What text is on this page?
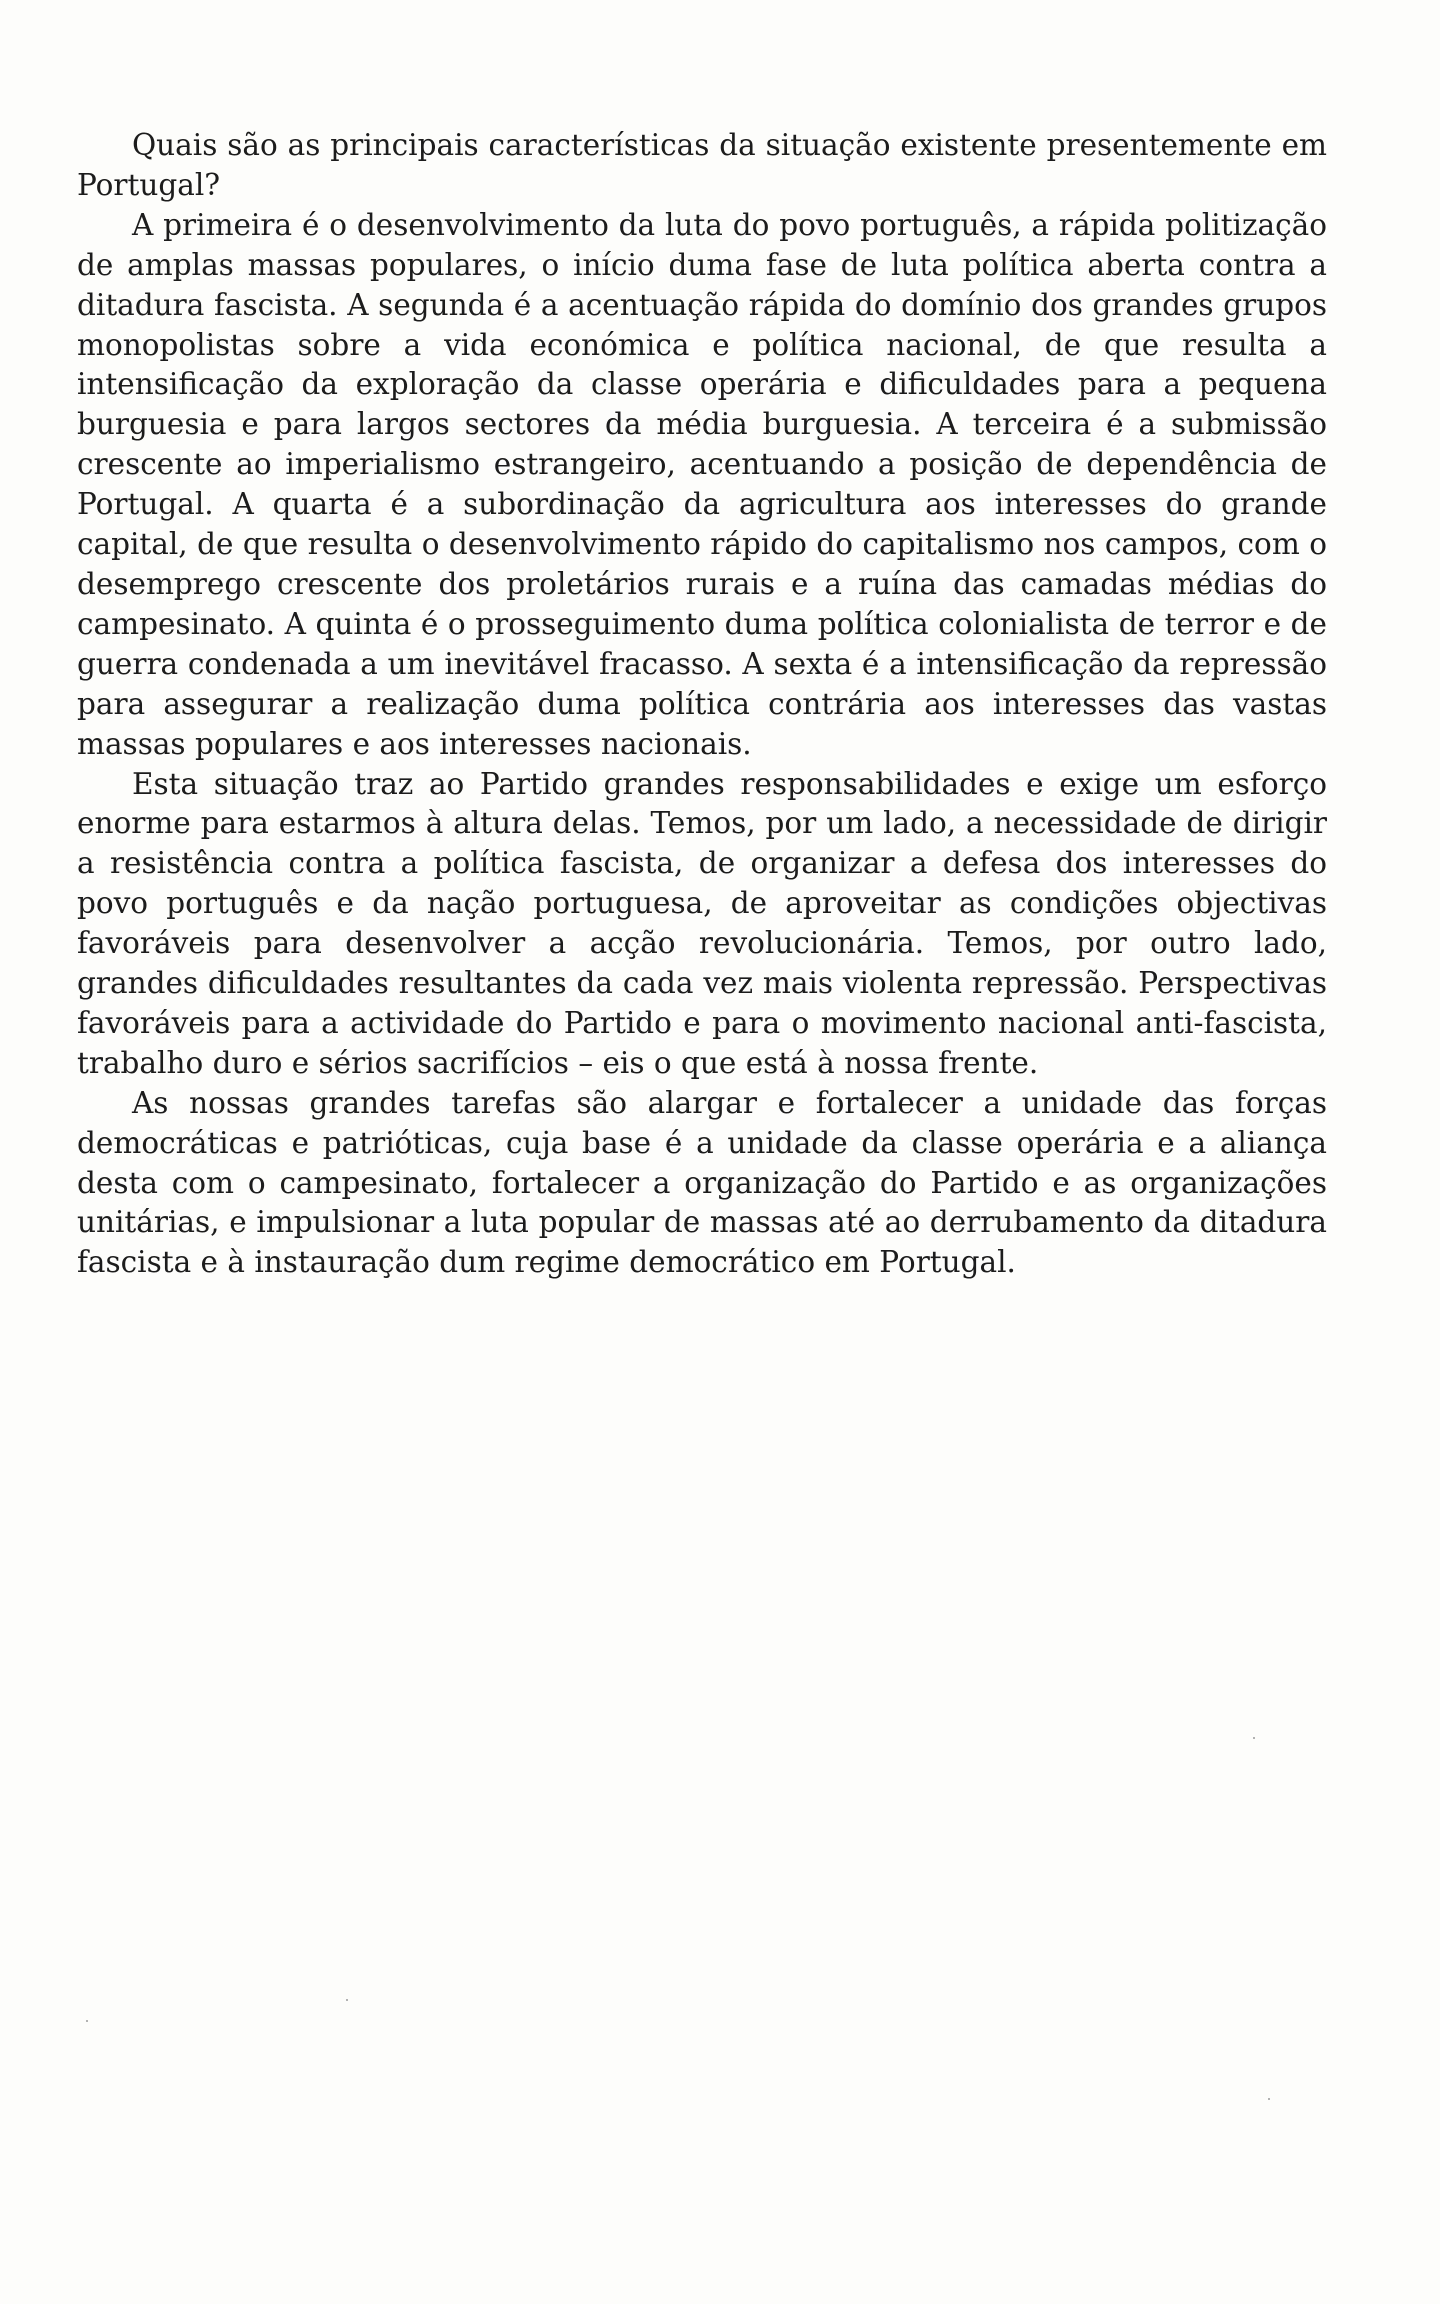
Quais são as principais características da situação existente presentemente em Portugal?

A primeira é o desenvolvimento da luta do povo português, a rápida politização de amplas massas populares, o início duma fase de luta política aberta contra a ditadura fascista. A segunda é a acentuação rápida do domínio dos grandes grupos monopolistas sobre a vida económica e política nacional, de que resulta a intensificação da exploração da classe operária e dificuldades para a pequena burguesia e para largos sectores da média burguesia. A terceira é a submissão crescente ao imperialismo estrangeiro, acentuando a posição de dependência de Portugal. A quarta é a subordinação da agricultura aos interesses do grande capital, de que resulta o desenvolvimento rápido do capitalismo nos campos, com o desemprego crescente dos proletários rurais e a ruína das camadas médias do campesinato. A quinta é o prosseguimento duma política colonialista de terror e de guerra condenada a um inevitável fracasso. A sexta é a intensificação da repressão para assegurar a realização duma política contrária aos interesses das vastas massas populares e aos interesses nacionais.

Esta situação traz ao Partido grandes responsabilidades e exige um esforço enorme para estarmos à altura delas. Temos, por um lado, a necessidade de dirigir a resistência contra a política fascista, de organizar a defesa dos interesses do povo português e da nação portuguesa, de aproveitar as condições objectivas favoráveis para desenvolver a acção revolucionária. Temos, por outro lado, grandes dificuldades resultantes da cada vez mais violenta repressão. Perspectivas favoráveis para a actividade do Partido e para o movimento nacional anti-fascista, trabalho duro e sérios sacrifícios – eis o que está à nossa frente.

As nossas grandes tarefas são alargar e fortalecer a unidade das forças democráticas e patrióticas, cuja base é a unidade da classe operária e a aliança desta com o campesinato, fortalecer a organização do Partido e as organizações unitárias, e impulsionar a luta popular de massas até ao derrubamento da ditadura fascista e à instauração dum regime democrático em Portugal.
